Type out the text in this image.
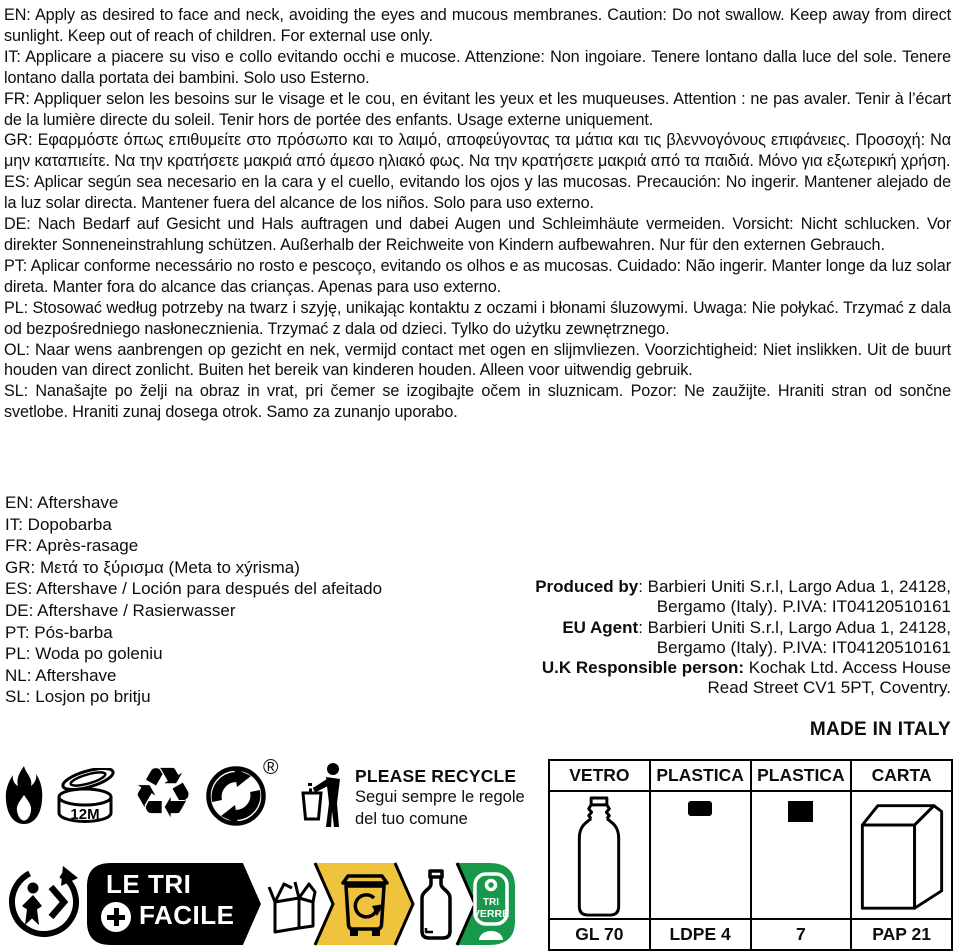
EN: Apply as desired to face and neck, avoiding the eyes and mucous membranes. Caution: Do not swallow. Keep away from direct sunlight. Keep out of reach of children. For external use only.

IT: Applicare a piacere su viso e collo evitando occhi e mucose. Attenzione: Non ingoiare. Tenere lontano dalla luce del sole. Tenere lontano dalla portata dei bambini. Solo uso Esterno.

FR: Appliquer selon les besoins sur le visage et le cou, en évitant les yeux et les muqueuses. Attention : ne pas avaler. Tenir à l’écart de la lumière directe du soleil. Tenir hors de portée des enfants. Usage externe uniquement.

GR: Εφαρμόστε όπως επιθυμείτε στο πρόσωπο και το λαιμό, αποφεύγοντας τα μάτια και τις βλεννογόνους επιφάνειες. Προσοχή: Να μην καταπιείτε. Να την κρατήσετε μακριά από άμεσο ηλιακό φως. Να την κρατήσετε μακριά από τα παιδιά. Μόνο για εξωτερική χρήση.

ES: Aplicar según sea necesario en la cara y el cuello, evitando los ojos y las mucosas. Precaución: No ingerir. Mantener alejado de la luz solar directa. Mantener fuera del alcance de los niños. Solo para uso externo.

DE: Nach Bedarf auf Gesicht und Hals auftragen und dabei Augen und Schleimhäute vermeiden. Vorsicht: Nicht schlucken. Vor direkter Sonneneinstrahlung schützen. Außerhalb der Reichweite von Kindern aufbewahren. Nur für den externen Gebrauch.

PT: Aplicar conforme necessário no rosto e pescoço, evitando os olhos e as mucosas. Cuidado: Não ingerir. Manter longe da luz solar direta. Manter fora do alcance das crianças. Apenas para uso externo.

PL: Stosować według potrzeby na twarz i szyję, unikając kontaktu z oczami i błonami śluzowymi. Uwaga: Nie połykać. Trzymać z dala od bezpośredniego nasłonecznienia. Trzymać z dala od dzieci. Tylko do użytku zewnętrznego.

OL: Naar wens aanbrengen op gezicht en nek, vermijd contact met ogen en slijmvliezen. Voorzichtigheid: Niet inslikken. Uit de buurt houden van direct zonlicht. Buiten het bereik van kinderen houden. Alleen voor uitwendig gebruik.

SL: Nanašajte po želji na obraz in vrat, pri čemer se izogibajte očem in sluznicam. Pozor: Ne zaužijte. Hraniti stran od sončne svetlobe. Hraniti zunaj dosega otrok. Samo za zunanjo uporabo.

EN: Aftershave
IT: Dopobarba
FR: Après-rasage
GR: Μετά το ξύρισμα (Meta to xýrisma)
ES: Aftershave / Loción para después del afeitado
DE: Aftershave / Rasierwasser
PT: Pós-barba
PL: Woda po goleniu
NL: Aftershave
SL: Losjon po britju
Produced by: Barbieri Uniti S.r.l, Largo Adua 1, 24128,
Bergamo (Italy). P.IVA: IT04120510161
EU Agent: Barbieri Uniti S.r.l, Largo Adua 1, 24128,
Bergamo (Italy). P.IVA: IT04120510161
U.K Responsible person: Kochak Ltd. Access House
Read Street CV1 5PT, Coventry.
MADE IN ITALY
12M ♻	®	PLEASE RECYCLE
Segui sempre le regole
del tuo comune
TRI
VERRE
LE TRI
FACILE
VETRO	PLASTICA	PLASTICA	CARTA

GL 70	LDPE 4	7	PAP 21
